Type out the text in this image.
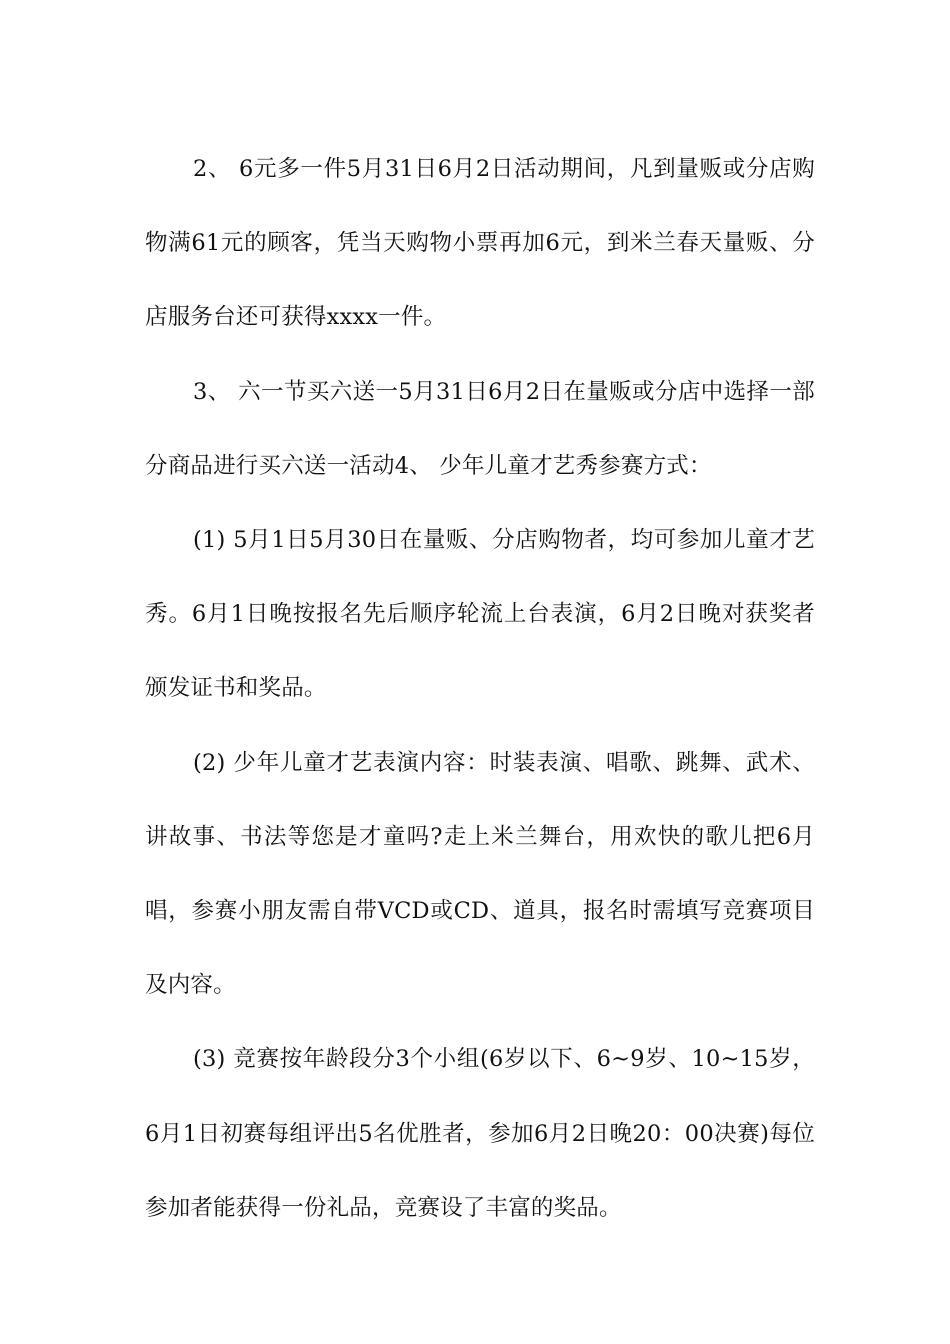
2、 6元多一件5月31日6月2日活动期间，凡到量贩或分店购物满61元的顾客，凭当天购物小票再加6元，到米兰春天量贩、分店服务台还可获得xxxx一件。

3、 六一节买六送一5月31日6月2日在量贩或分店中选择一部分商品进行买六送一活动4、 少年儿童才艺秀参赛方式：

(1) 5月1日5月30日在量贩、分店购物者，均可参加儿童才艺秀。6月1日晚按报名先后顺序轮流上台表演，6月2日晚对获奖者颁发证书和奖品。

(2) 少年儿童才艺表演内容：时装表演、唱歌、跳舞、武术、讲故事、书法等您是才童吗?走上米兰舞台，用欢快的歌儿把6月唱，参赛小朋友需自带VCD或CD、道具，报名时需填写竞赛项目及内容。

(3) 竞赛按年龄段分3个小组(6岁以下、6~9岁、10~15岁，6月1日初赛每组评出5名优胜者，参加6月2日晚20：00决赛)每位参加者能获得一份礼品，竞赛设了丰富的奖品。
